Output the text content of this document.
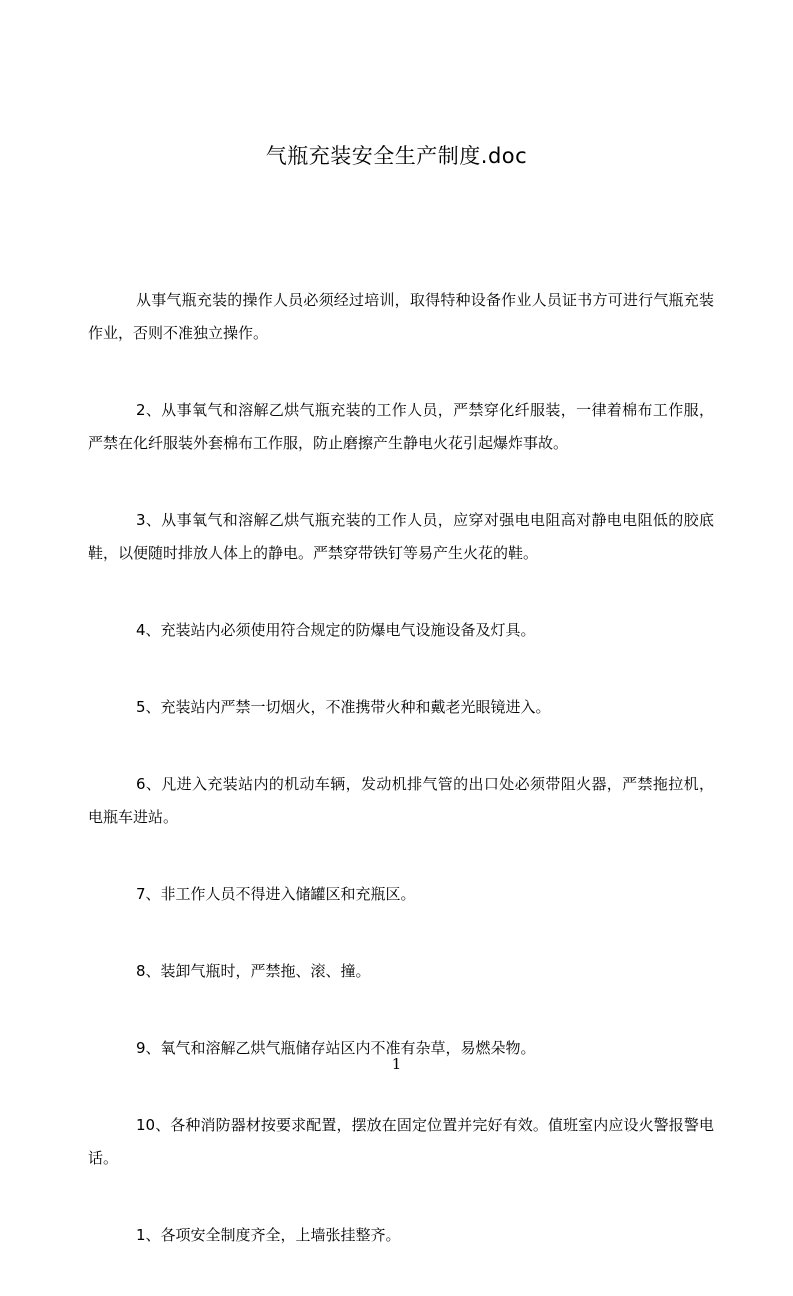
气瓶充装安全生产制度.doc

从事气瓶充装的操作人员必须经过培训，取得特种设备作业人员证书方可进行气瓶充装作业，否则不准独立操作。

2、从事氧气和溶解乙烘气瓶充装的工作人员，严禁穿化纤服装，一律着棉布工作服，严禁在化纤服装外套棉布工作服，防止磨擦产生静电火花引起爆炸事故。

3、从事氧气和溶解乙烘气瓶充装的工作人员，应穿对强电电阻高对静电电阻低的胶底鞋，以便随时排放人体上的静电。严禁穿带铁钉等易产生火花的鞋。

4、充装站内必须使用符合规定的防爆电气设施设备及灯具。

5、充装站内严禁一切烟火，不准携带火种和戴老光眼镜进入。

6、凡进入充装站内的机动车辆，发动机排气管的出口处必须带阻火器，严禁拖拉机，电瓶车进站。

7、非工作人员不得进入储罐区和充瓶区。

8、装卸气瓶时，严禁拖、滚、撞。

9、氧气和溶解乙烘气瓶储存站区内不准有杂草，易燃朵物。

10、各种消防器材按要求配置，摆放在固定位置并完好有效。值班室内应设火警报警电话。

1、各项安全制度齐全，上墙张挂整齐。

1
